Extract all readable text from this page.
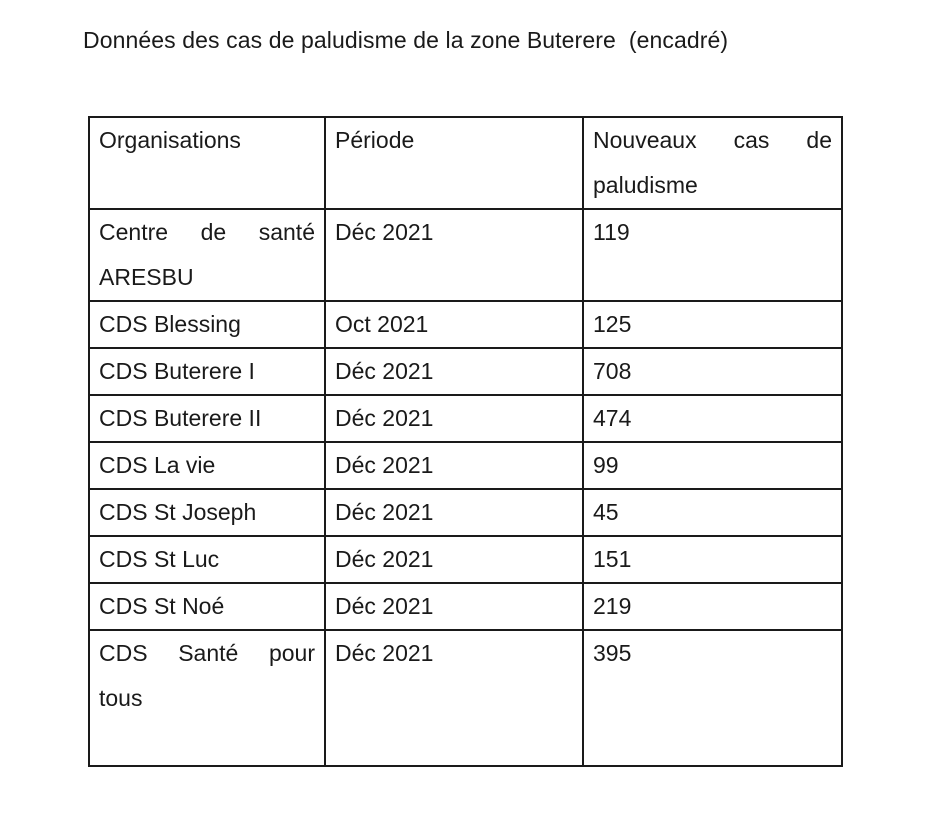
Données des cas de paludisme de la zone Buterere  (encadré)
Organisations	Période	Nouveaux cas de paludisme

Centre de santé ARESBU	Déc 2021	119

CDS Blessing	Oct 2021	125

CDS Buterere I	Déc 2021	708

CDS Buterere II	Déc 2021	474

CDS La vie	Déc 2021	99

CDS St Joseph	Déc 2021	45

CDS St Luc	Déc 2021	151

CDS St Noé	Déc 2021	219

CDS Santé pour tous	Déc 2021	395
